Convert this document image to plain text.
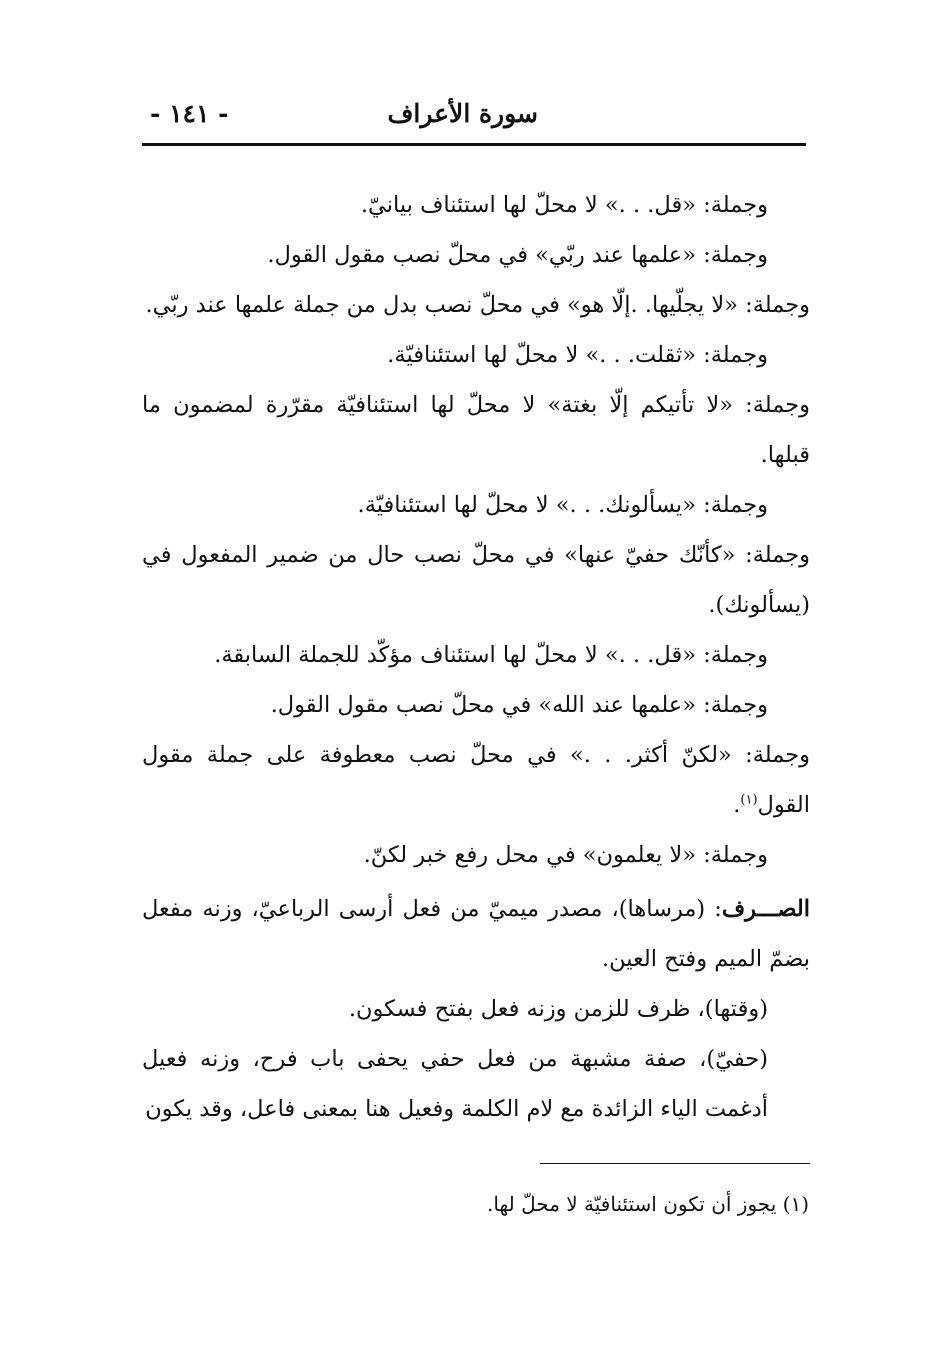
سورة الأعراف
- ١٤١ -

وجملة: «قل. . .» لا محلّ لها استئناف بيانيّ.

وجملة: «علمها عند ربّي» في محلّ نصب مقول القول.

وجملة: «لا يجلّيها. .إلّا هو» في محلّ نصب بدل من جملة علمها عند ربّي.

وجملة: «ثقلت. . .» لا محلّ لها استئنافيّة.

وجملة: «لا تأتيكم إلّا بغتة» لا محلّ لها استئنافيّة مقرّرة لمضمون ما قبلها.

وجملة: «يسألونك. . .» لا محلّ لها استئنافيّة.

وجملة: «كأنّك حفيّ عنها» في محلّ نصب حال من ضمير المفعول في (يسألونك).

وجملة: «قل. . .» لا محلّ لها استئناف مؤكّد للجملة السابقة.

وجملة: «علمها عند الله» في محلّ نصب مقول القول.

وجملة: «لكنّ أكثر. . .» في محلّ نصب معطوفة على جملة مقول القول$^{(١)}$.

وجملة: «لا يعلمون» في محل رفع خبر لكنّ.

الصـــرف: (مرساها)، مصدر ميميّ من فعل أرسى الرباعيّ، وزنه مفعل بضمّ الميم وفتح العين.

(وقتها)، ظرف للزمن وزنه فعل بفتح فسكون.

(حفيّ)، صفة مشبهة من فعل حفي يحفى باب فرح، وزنه فعيل أدغمت الياء الزائدة مع لام الكلمة وفعيل هنا بمعنى فاعل، وقد يكون

(١) يجوز أن تكون استئنافيّة لا محلّ لها.
